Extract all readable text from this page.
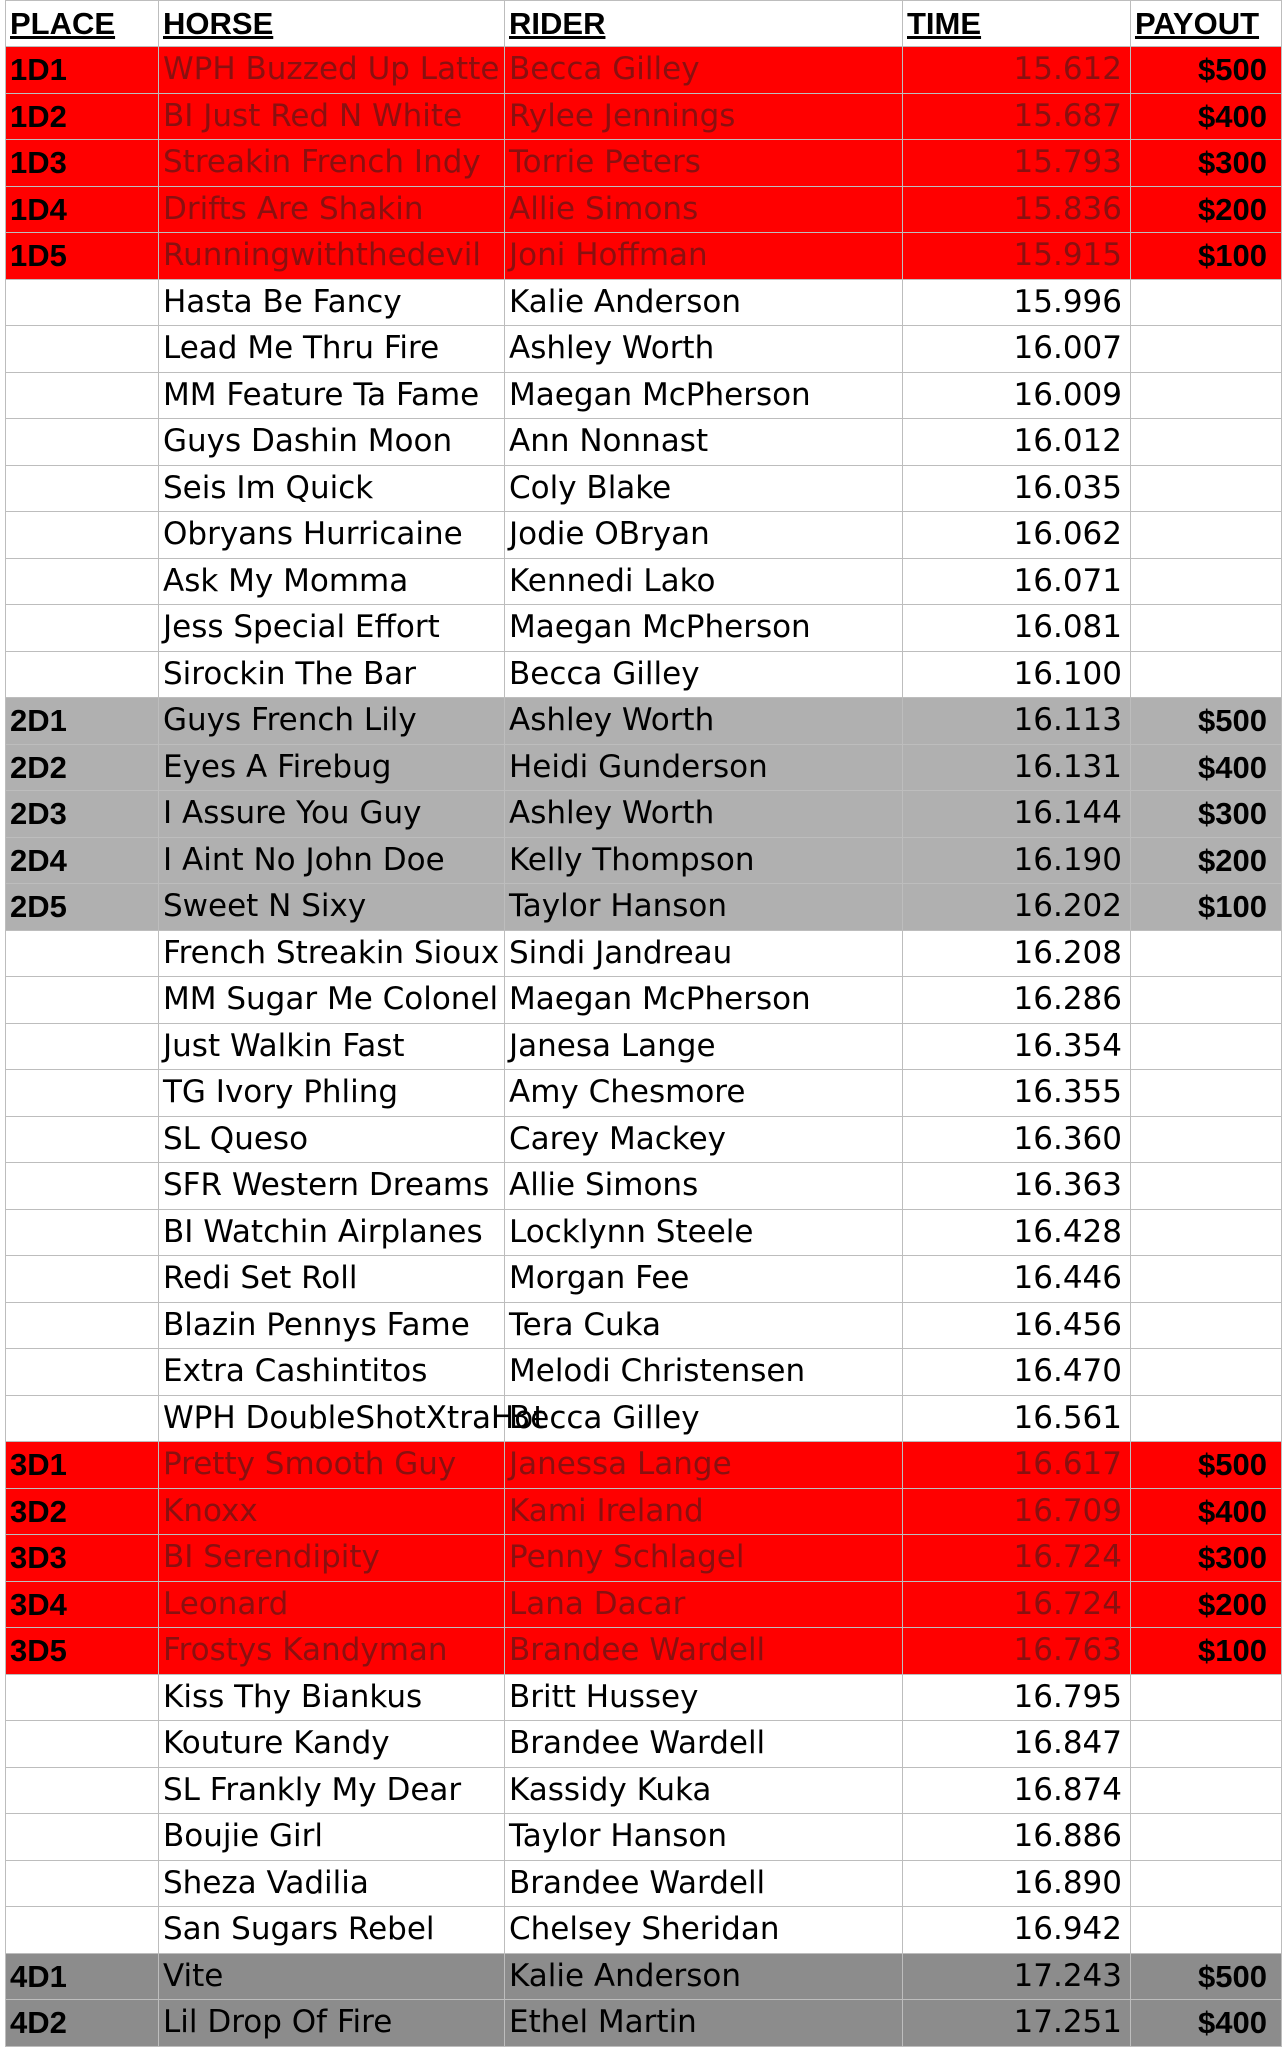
PLACE	HORSE	RIDER	TIME	PAYOUT
1D1	WPH Buzzed Up Latte	Becca Gilley	15.612	$500
1D2	BI Just Red N White	Rylee Jennings	15.687	$400
1D3	Streakin French Indy	Torrie Peters	15.793	$300
1D4	Drifts Are Shakin	Allie Simons	15.836	$200
1D5	Runningwiththedevil	Joni Hoffman	15.915	$100
	Hasta Be Fancy	Kalie Anderson	15.996	
	Lead Me Thru Fire	Ashley Worth	16.007	
	MM Feature Ta Fame	Maegan McPherson	16.009	
	Guys Dashin Moon	Ann Nonnast	16.012	
	Seis Im Quick	Coly Blake	16.035	
	Obryans Hurricaine	Jodie OBryan	16.062	
	Ask My Momma	Kennedi Lako	16.071	
	Jess Special Effort	Maegan McPherson	16.081	
	Sirockin The Bar	Becca Gilley	16.100	
2D1	Guys French Lily	Ashley Worth	16.113	$500
2D2	Eyes A Firebug	Heidi Gunderson	16.131	$400
2D3	I Assure You Guy	Ashley Worth	16.144	$300
2D4	I Aint No John Doe	Kelly Thompson	16.190	$200
2D5	Sweet N Sixy	Taylor Hanson	16.202	$100
	French Streakin Sioux	Sindi Jandreau	16.208	
	MM Sugar Me Colonel	Maegan McPherson	16.286	
	Just Walkin Fast	Janesa Lange	16.354	
	TG Ivory Phling	Amy Chesmore	16.355	
	SL Queso	Carey Mackey	16.360	
	SFR Western Dreams	Allie Simons	16.363	
	BI Watchin Airplanes	Locklynn Steele	16.428	
	Redi Set Roll	Morgan Fee	16.446	
	Blazin Pennys Fame	Tera Cuka	16.456	
	Extra Cashintitos	Melodi Christensen	16.470	
	WPH DoubleShotXtraHot	Becca Gilley	16.561	
3D1	Pretty Smooth Guy	Janessa Lange	16.617	$500
3D2	Knoxx	Kami Ireland	16.709	$400
3D3	BI Serendipity	Penny Schlagel	16.724	$300
3D4	Leonard	Lana Dacar	16.724	$200
3D5	Frostys Kandyman	Brandee Wardell	16.763	$100
	Kiss Thy Biankus	Britt Hussey	16.795	
	Kouture Kandy	Brandee Wardell	16.847	
	SL Frankly My Dear	Kassidy Kuka	16.874	
	Boujie Girl	Taylor Hanson	16.886	
	Sheza Vadilia	Brandee Wardell	16.890	
	San Sugars Rebel	Chelsey Sheridan	16.942	
4D1	Vite	Kalie Anderson	17.243	$500
4D2	Lil Drop Of Fire	Ethel Martin	17.251	$400
